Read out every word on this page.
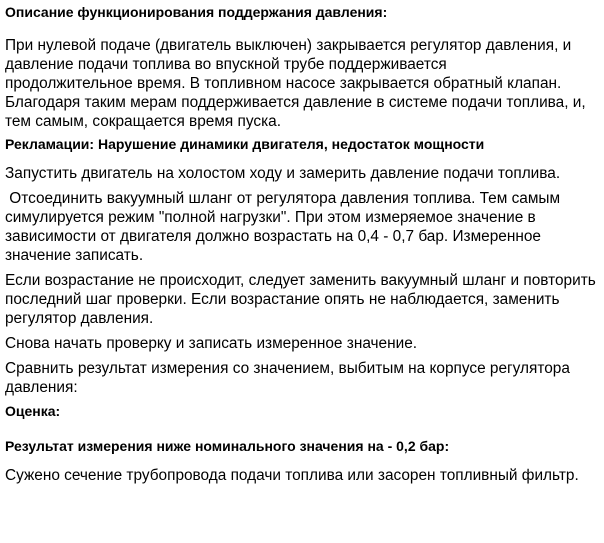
Описание функционирования поддержания давления:

При нулевой подаче (двигатель выключен) закрывается регулятор давления, и
давление подачи топлива во впускной трубе поддерживается
продолжительное время. В топливном насосе закрывается обратный клапан.
Благодаря таким мерам поддерживается давление в системе подачи топлива, и,
тем самым, сокращается время пуска.

Рекламации: Нарушение динамики двигателя, недостаток мощности

Запустить двигатель на холостом ходу и замерить давление подачи топлива.

Отсоединить вакуумный шланг от регулятора давления топлива. Тем самым
симулируется режим "полной нагрузки". При этом измеряемое значение в
зависимости от двигателя должно возрастать на 0,4 - 0,7 бар. Измеренное
значение записать.

Если возрастание не происходит, следует заменить вакуумный шланг и повторить
последний шаг проверки. Если возрастание опять не наблюдается, заменить
регулятор давления.

Снова начать проверку и записать измеренное значение.

Сравнить результат измерения со значением, выбитым на корпусе регулятора
давления:

Оценка:

Результат измерения ниже номинального значения на - 0,2 бар:

Сужено сечение трубопровода подачи топлива или засорен топливный фильтр.
